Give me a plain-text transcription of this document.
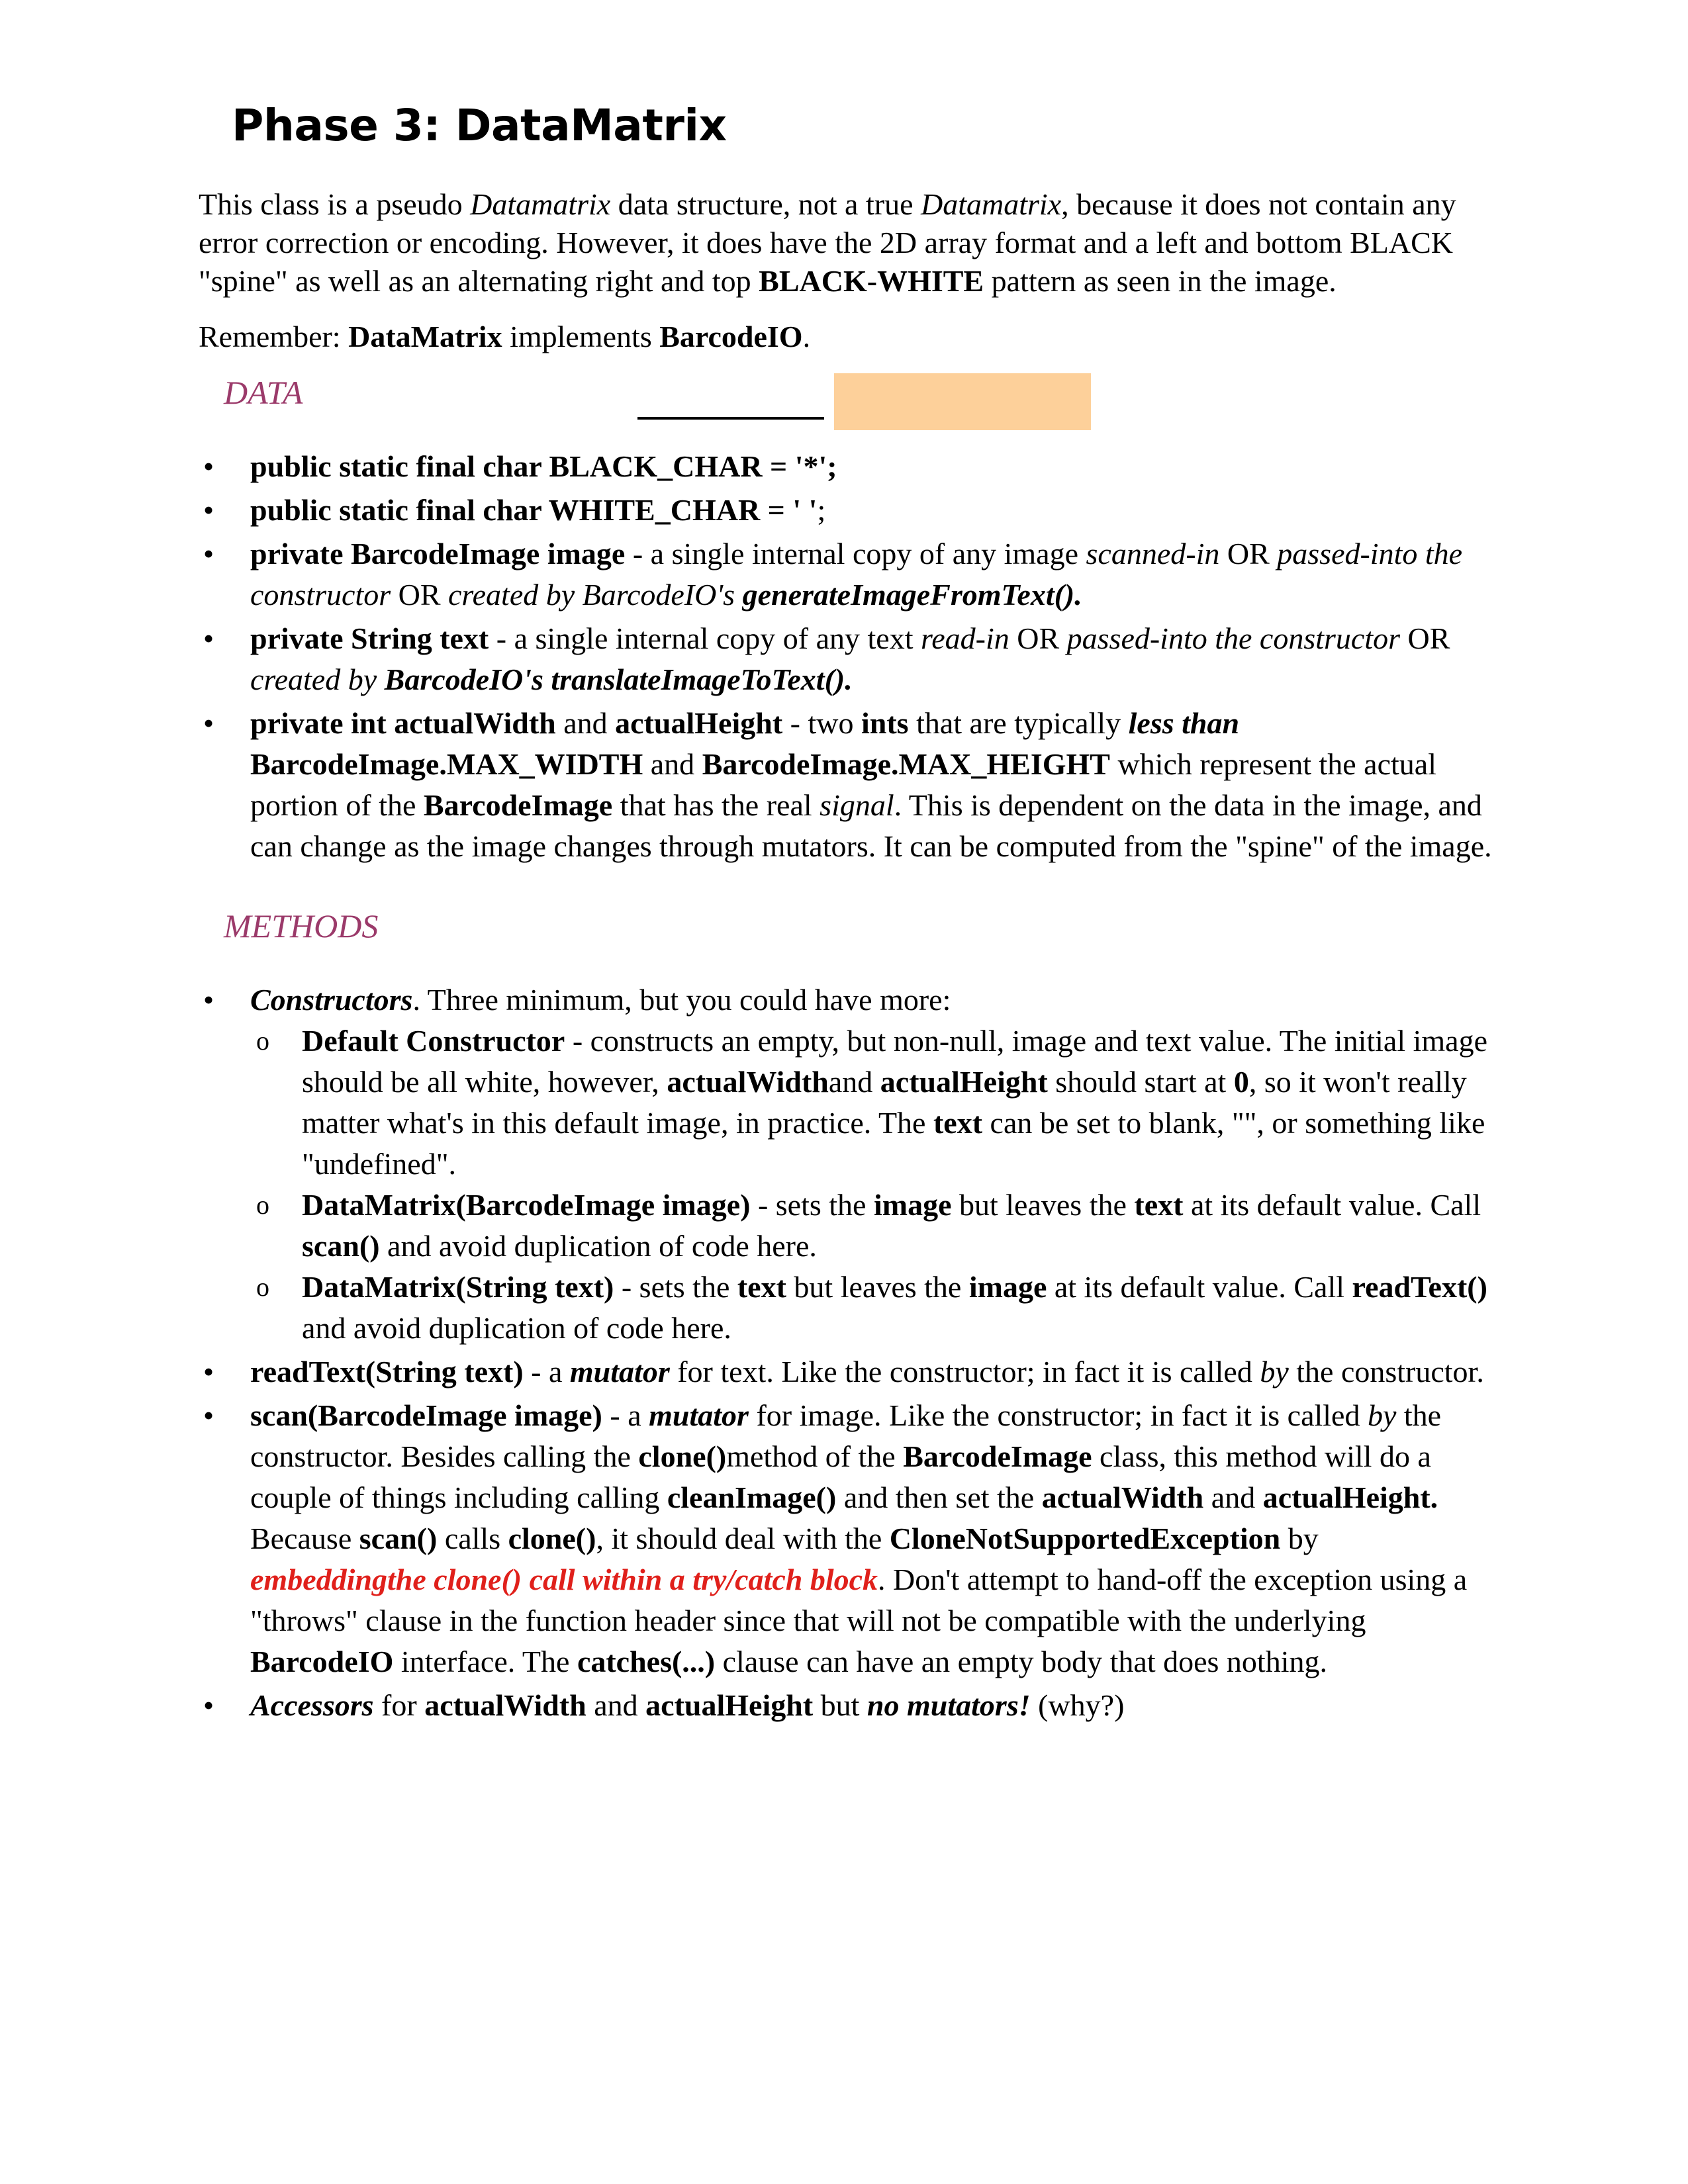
Phase 3: DataMatrix

This class is a pseudo Datamatrix data structure, not a true Datamatrix, because it does not contain any error correction or encoding. However, it does have the 2D array format and a left and bottom BLACK "spine" as well as an alternating right and top BLACK-WHITE pattern as seen in the image.

Remember: DataMatrix implements BarcodeIO.

DATA
• public static final char BLACK_CHAR = '*';
• public static final char WHITE_CHAR = ' ';
• private BarcodeImage image - a single internal copy of any image scanned-in OR passed-into the constructor OR created by BarcodeIO's generateImageFromText().
• private String text - a single internal copy of any text read-in OR passed-into the constructor OR created by BarcodeIO's translateImageToText().
• private int actualWidth and actualHeight - two ints that are typically less than BarcodeImage.MAX_WIDTH and BarcodeImage.MAX_HEIGHT which represent the actual portion of the BarcodeImage that has the real signal. This is dependent on the data in the image, and can change as the image changes through mutators. It can be computed from the "spine" of the image.
METHODS
• Constructors. Three minimum, but you could have more:
o Default Constructor - constructs an empty, but non-null, image and text value. The initial image should be all white, however, actualWidthand actualHeight should start at 0, so it won't really matter what's in this default image, in practice. The text can be set to blank, "", or something like "undefined".
o DataMatrix(BarcodeImage image) - sets the image but leaves the text at its default value. Call scan() and avoid duplication of code here.
o DataMatrix(String text) - sets the text but leaves the image at its default value. Call readText() and avoid duplication of code here.
• readText(String text) - a mutator for text. Like the constructor; in fact it is called by the constructor.
• scan(BarcodeImage image) - a mutator for image. Like the constructor; in fact it is called by the constructor. Besides calling the clone()method of the BarcodeImage class, this method will do a couple of things including calling cleanImage() and then set the actualWidth and actualHeight. Because scan() calls clone(), it should deal with the CloneNotSupportedException by embeddingthe clone() call within a try/catch block. Don't attempt to hand-off the exception using a "throws" clause in the function header since that will not be compatible with the underlying BarcodeIO interface. The catches(...) clause can have an empty body that does nothing.
• Accessors for actualWidth and actualHeight but no mutators! (why?)
